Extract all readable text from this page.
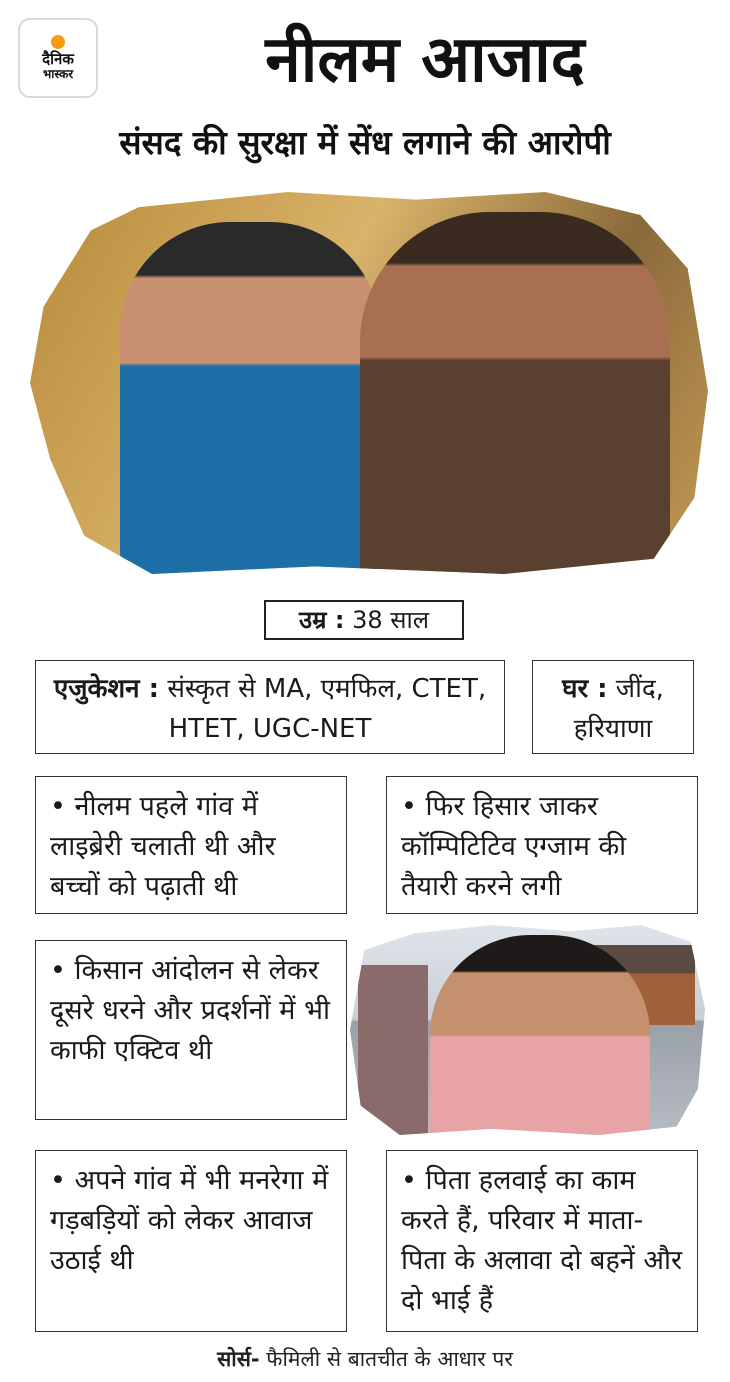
दैनिक
भास्कर	नीलम आजाद
संसद की सुरक्षा में सेंध लगाने की आरोपी
उम्र : 38 साल
एजुकेशन : संस्कृत से MA, एमफिल, CTET, HTET, UGC-NET
घर : जींद, हरियाणा
• नीलम पहले गांव में लाइब्रेरी चलाती थी और बच्चों को पढ़ाती थी
• फिर हिसार जाकर कॉम्पिटिटिव एग्जाम की तैयारी करने लगी
• किसान आंदोलन से लेकर दूसरे धरने और प्रदर्शनों में भी काफी एक्टिव थी
• अपने गांव में भी मनरेगा में गड़बड़ियों को लेकर आवाज उठाई थी
• पिता हलवाई का काम करते हैं, परिवार में माता-पिता के अलावा दो बहनें और दो भाई हैं
सोर्स- फैमिली से बातचीत के आधार पर
